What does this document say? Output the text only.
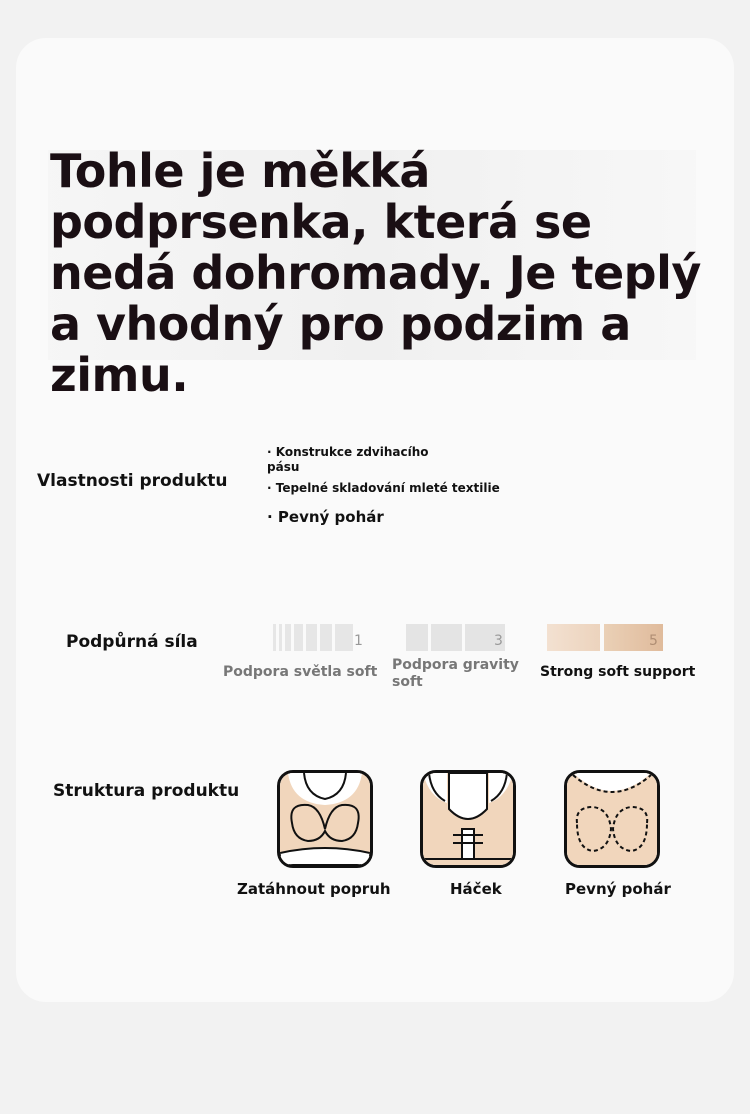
Tohle je měkká podprsenka, která se nedá dohromady. Je teplý a vhodný pro podzim a zimu.
Vlastnosti produktu
· Konstrukce zdvihacího pásu
· Tepelné skladování mleté textilie
· Pevný pohár
Podpůrná síla	1
Podpora světla soft
3
Podpora gravity soft
5
Strong soft support
Struktura produktu
Zatáhnout popruh	Háček	Pevný pohár
